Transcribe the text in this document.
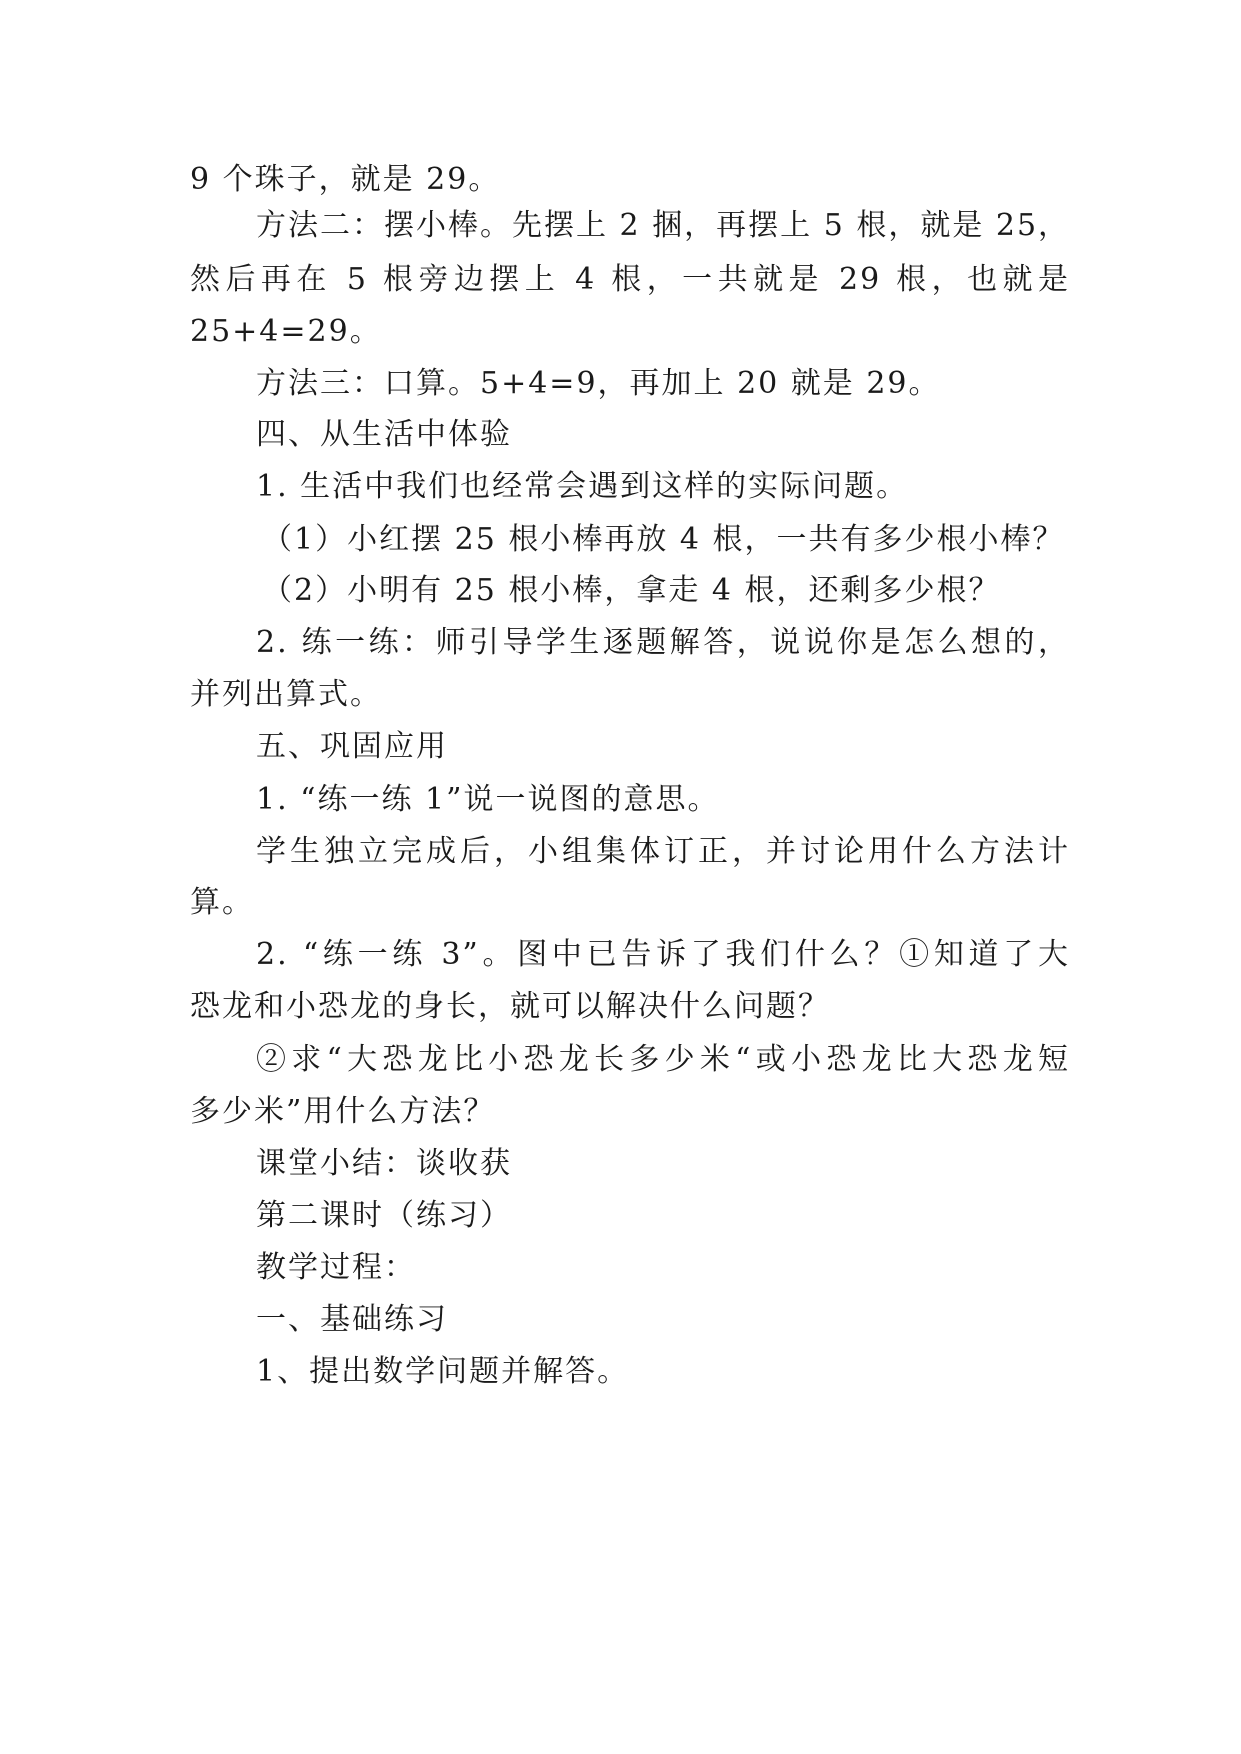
9 个珠子，就是 29。
方法二：摆小棒。先摆上 2 捆，再摆上 5 根，就是 25，
然后再在 5 根旁边摆上 4 根，一共就是 29 根，也就是
25+4=29。
方法三：口算。5+4=9，再加上 20 就是 29。
四、从生活中体验
1. 生活中我们也经常会遇到这样的实际问题。
（1）小红摆 25 根小棒再放 4 根，一共有多少根小棒？
（2）小明有 25 根小棒，拿走 4 根，还剩多少根？
2. 练一练：师引导学生逐题解答，说说你是怎么想的，
并列出算式。
五、巩固应用
1. “练一练 1”说一说图的意思。
学生独立完成后，小组集体订正，并讨论用什么方法计
算。
2. “练一练 3”。图中已告诉了我们什么？①知道了大
恐龙和小恐龙的身长，就可以解决什么问题？
②求“大恐龙比小恐龙长多少米“或小恐龙比大恐龙短
多少米”用什么方法？
课堂小结：谈收获
第二课时（练习）
教学过程：
一、基础练习
1、提出数学问题并解答。
